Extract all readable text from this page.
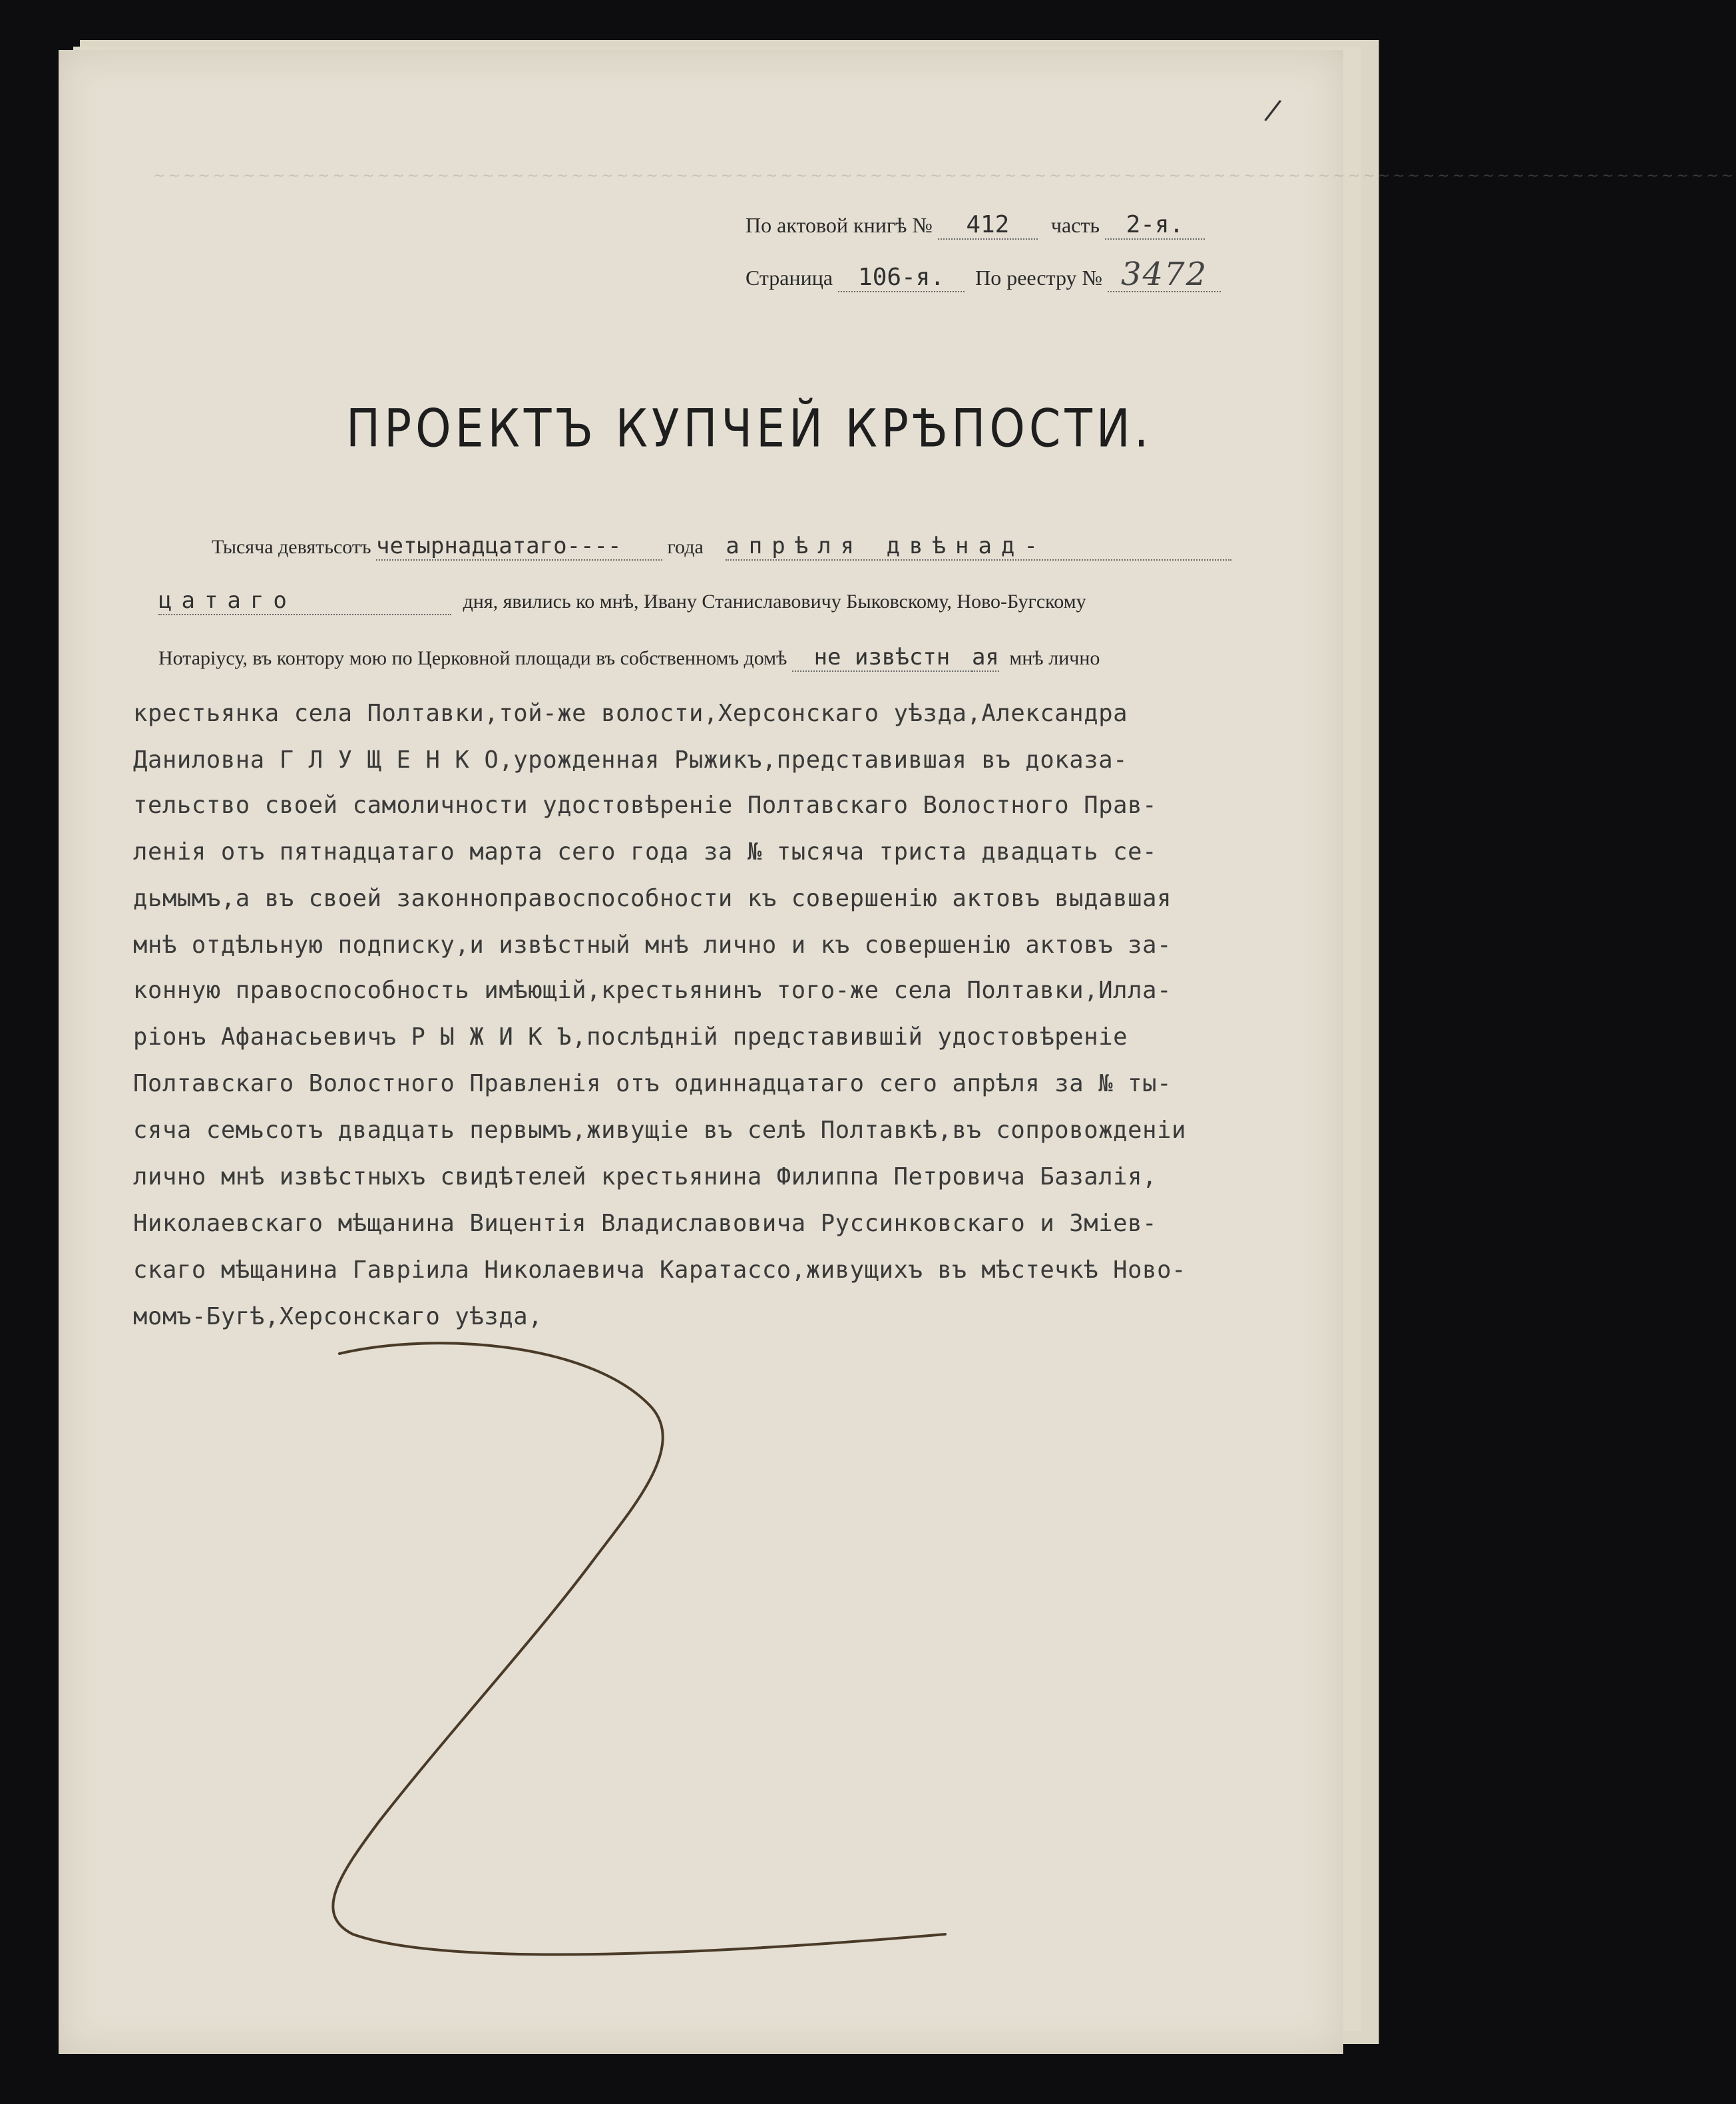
~~~~~~~~~~~~~~~~~~~~~~~~~~~~~~~~~~~~~~~~~~~~~~~~~~~~~~~~~~~~~~~~~~~~~~~~~~~~~~~~~~~~~~~~~~~~~~~~~~~~~~~~~~
/
По актовой книгѣ № 412 часть 2-я.
Страница 106-я. По реестру № 3472
ПРОЕКТЪ КУПЧЕЙ КРѢПОСТИ.
Тысяча девятьсотъ четырнадцатаго---- года апрѣля двѣнад-
цатаго	дня, явились ко мнѣ, Ивану Станиславовичу Быковскому, Ново-Бугскому
Нотаріусу, въ контору мою по Церковной площади въ собственномъ домѣ не извѣстн ая мнѣ лично
крестьянка села Полтавки,той-же волости,Херсонскаго уѣзда,Александра
Даниловна Г Л У Щ Е Н К О,урожденная Рыжикъ,представившая въ доказа-
тельство своей самоличности удостовѣреніе Полтавскаго Волостного Прав-
ленія отъ пятнадцатаго марта сего года за № тысяча триста двадцать се-
дьмымъ,а въ своей законноправоспособности къ совершенію актовъ выдавшая
мнѣ отдѣльную подписку,и извѣстный мнѣ лично и къ совершенію актовъ за-
конную правоспособность имѣющій,крестьянинъ того-же села Полтавки,Илла-
ріонъ Афанасьевичъ Р Ы Ж И К Ъ,послѣдній представившій удостовѣреніе
Полтавскаго Волостного Правленія отъ одиннадцатаго сего апрѣля за № ты-
сяча семьсотъ двадцать первымъ,живущіе въ селѣ Полтавкѣ,въ сопровожденіи
лично мнѣ извѣстныхъ свидѣтелей крестьянина Филиппа Петровича Базалія,
Николаевскаго мѣщанина Вицентія Владиславовича Руссинковскаго и Зміев-
скаго мѣщанина Гавріила Николаевича Каратассо,живущихъ въ мѣстечкѣ Ново-
момъ-Бугѣ,Херсонскаго уѣзда,
